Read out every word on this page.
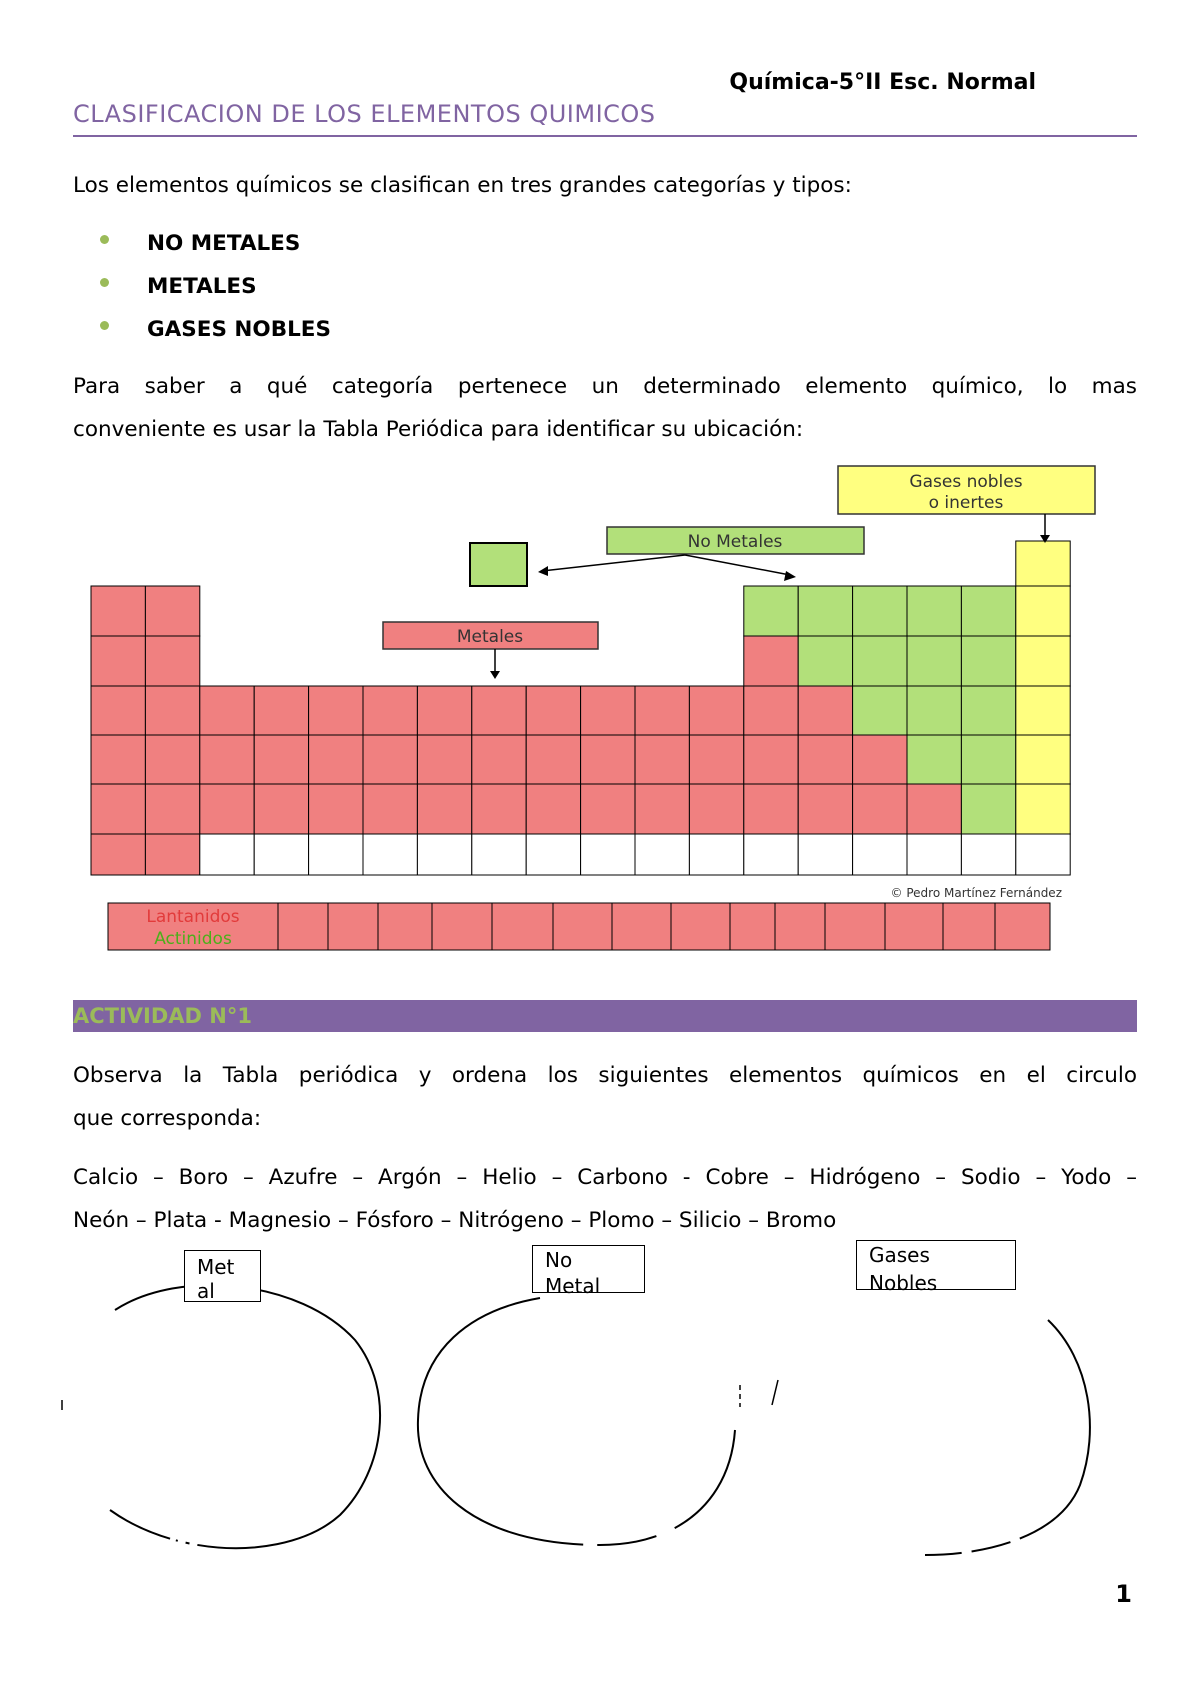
Química-5°II Esc. Normal
CLASIFICACION DE LOS ELEMENTOS QUIMICOS
Los elementos químicos se clasifican en tres grandes categorías y tipos:
NO METALES
METALES
GASES NOBLES
Para saber a qué categoría pertenece un determinado elemento químico, lo mas
conveniente es usar la Tabla Periódica para identificar su ubicación:
Gases nobles
o inertes
No Metales
Metales
© Pedro Martínez Fernández
Lantanidos
Actinidos
ACTIVIDAD N°1
Observa la Tabla periódica y ordena los siguientes elementos químicos en el circulo
que corresponda:
Calcio – Boro – Azufre – Argón – Helio – Carbono - Cobre – Hidrógeno – Sodio – Yodo –
Neón – Plata - Magnesio – Fósforo – Nitrógeno – Plomo – Silicio – Bromo
Met
al
No
Metal
Gases
Nobles
1
